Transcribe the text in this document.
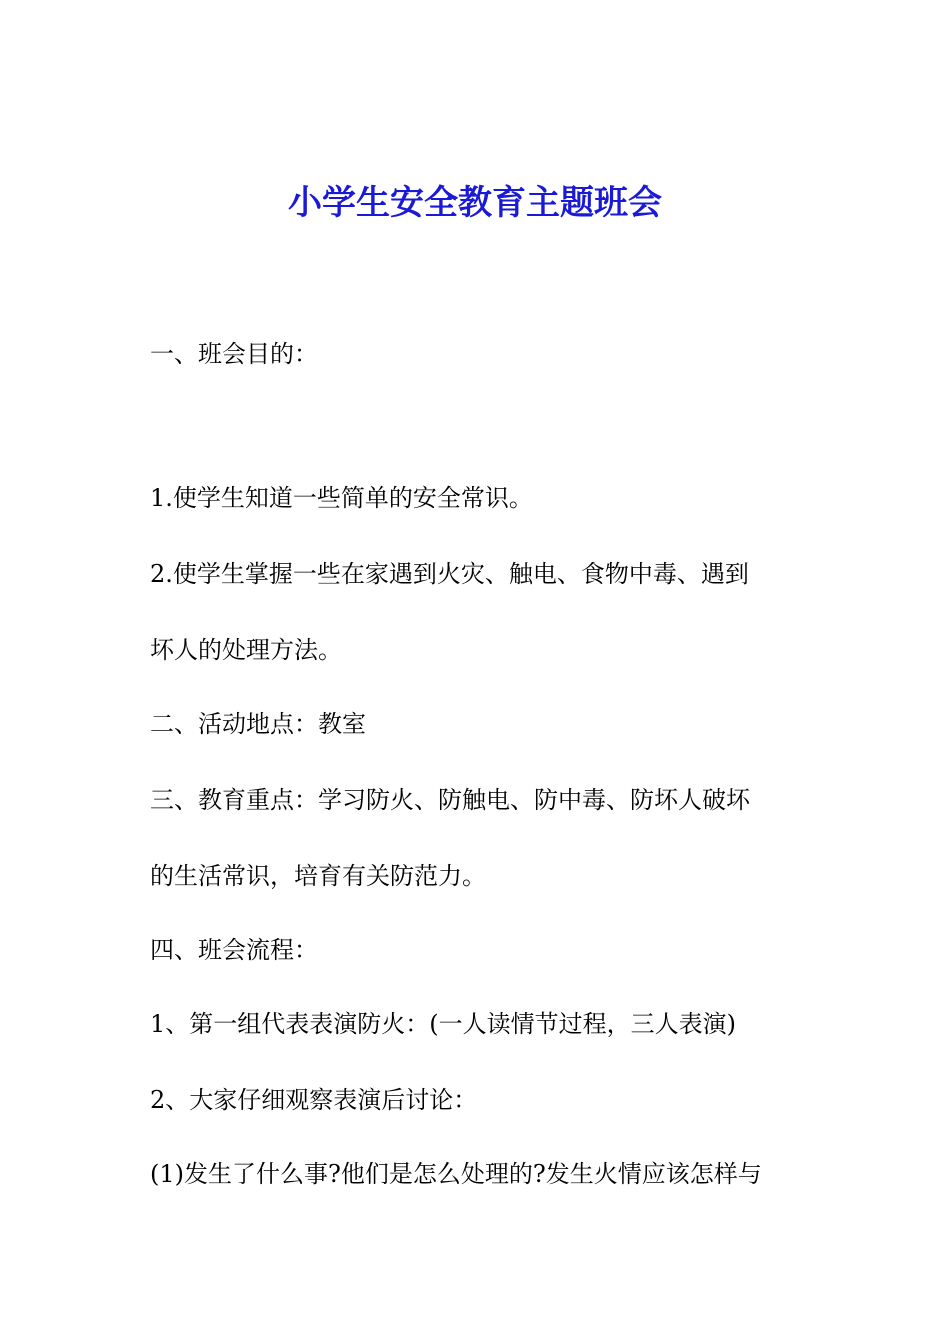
小学生安全教育主题班会

一、班会目的：

1.使学生知道一些简单的安全常识。

2.使学生掌握一些在家遇到火灾、触电、食物中毒、遇到

坏人的处理方法。

二、活动地点：教室

三、教育重点：学习防火、防触电、防中毒、防坏人破坏

的生活常识，培育有关防范力。

四、班会流程：

1、第一组代表表演防火：(一人读情节过程，三人表演)

2、大家仔细观察表演后讨论：

(1)发生了什么事?他们是怎么处理的?发生火情应该怎样与
